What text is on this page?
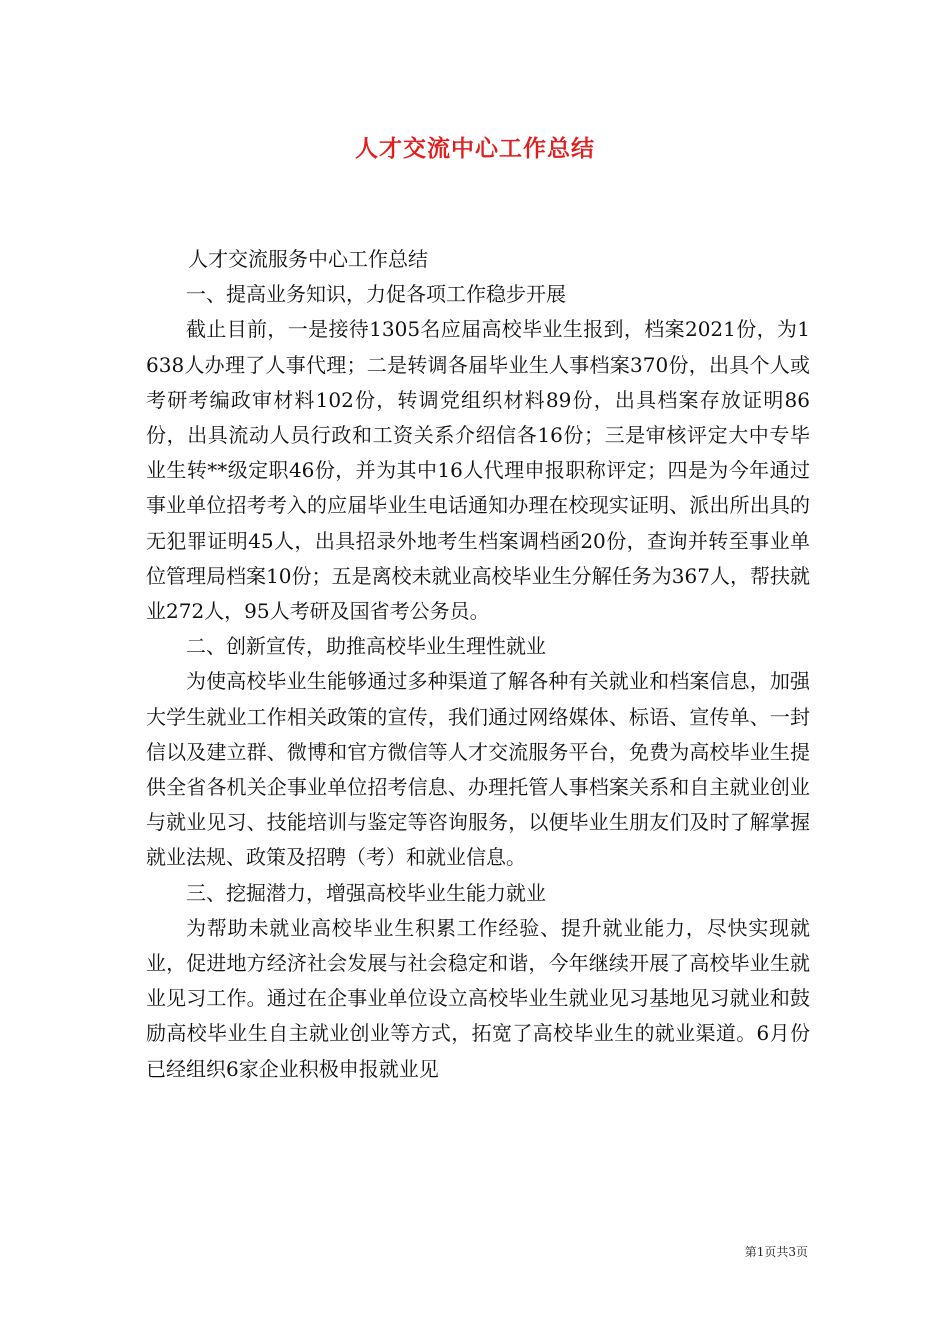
人才交流中心工作总结

人才交流服务中心工作总结

一、提高业务知识，力促各项工作稳步开展

截止目前，一是接待1305名应届高校毕业生报到，档案2021份，为1638人办理了人事代理；二是转调各届毕业生人事档案370份，出具个人或考研考编政审材料102份，转调党组织材料89份，出具档案存放证明86份，出具流动人员行政和工资关系介绍信各16份；三是审核评定大中专毕业生转**级定职46份，并为其中16人代理申报职称评定；四是为今年通过事业单位招考考入的应届毕业生电话通知办理在校现实证明、派出所出具的无犯罪证明45人，出具招录外地考生档案调档函20份，查询并转至事业单位管理局档案10份；五是离校未就业高校毕业生分解任务为367人，帮扶就业272人，95人考研及国省考公务员。

二、创新宣传，助推高校毕业生理性就业

为使高校毕业生能够通过多种渠道了解各种有关就业和档案信息，加强大学生就业工作相关政策的宣传，我们通过网络媒体、标语、宣传单、一封信以及建立群、微博和官方微信等人才交流服务平台，免费为高校毕业生提供全省各机关企事业单位招考信息、办理托管人事档案关系和自主就业创业与就业见习、技能培训与鉴定等咨询服务，以便毕业生朋友们及时了解掌握就业法规、政策及招聘（考）和就业信息。

三、挖掘潜力，增强高校毕业生能力就业

为帮助未就业高校毕业生积累工作经验、提升就业能力，尽快实现就业，促进地方经济社会发展与社会稳定和谐，今年继续开展了高校毕业生就业见习工作。通过在企事业单位设立高校毕业生就业见习基地见习就业和鼓励高校毕业生自主就业创业等方式，拓宽了高校毕业生的就业渠道。6月份已经组织6家企业积极申报就业见

第1页共3页
